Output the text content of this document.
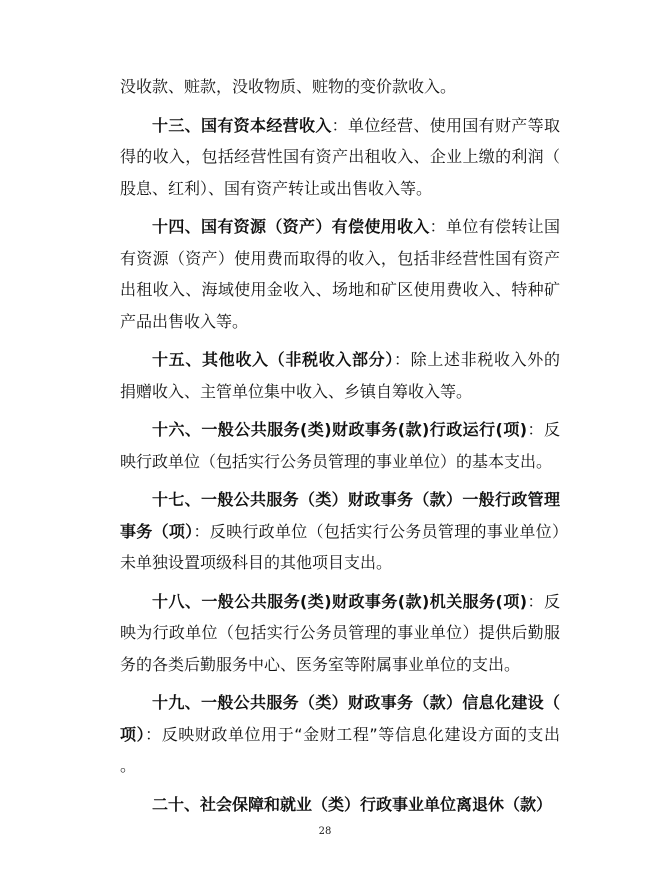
没收款、赃款，没收物质、赃物的变价款收入。

十三、国有资本经营收入：单位经营、使用国有财产等取得的收入，包括经营性国有资产出租收入、企业上缴的利润（股息、红利）、国有资产转让或出售收入等。

十四、国有资源（资产）有偿使用收入：单位有偿转让国有资源（资产）使用费而取得的收入，包括非经营性国有资产出租收入、海域使用金收入、场地和矿区使用费收入、特种矿产品出售收入等。

十五、其他收入（非税收入部分）：除上述非税收入外的捐赠收入、主管单位集中收入、乡镇自筹收入等。

十六、一般公共服务(类)财政事务(款)行政运行(项)：反映行政单位（包括实行公务员管理的事业单位）的基本支出。

十七、一般公共服务（类）财政事务（款）一般行政管理事务（项）：反映行政单位（包括实行公务员管理的事业单位）未单独设置项级科目的其他项目支出。

十八、一般公共服务(类)财政事务(款)机关服务(项)：反映为行政单位（包括实行公务员管理的事业单位）提供后勤服务的各类后勤服务中心、医务室等附属事业单位的支出。

十九、一般公共服务（类）财政事务（款）信息化建设（项）：反映财政单位用于“金财工程”等信息化建设方面的支出。

二十、社会保障和就业（类）行政事业单位离退休（款）

28
